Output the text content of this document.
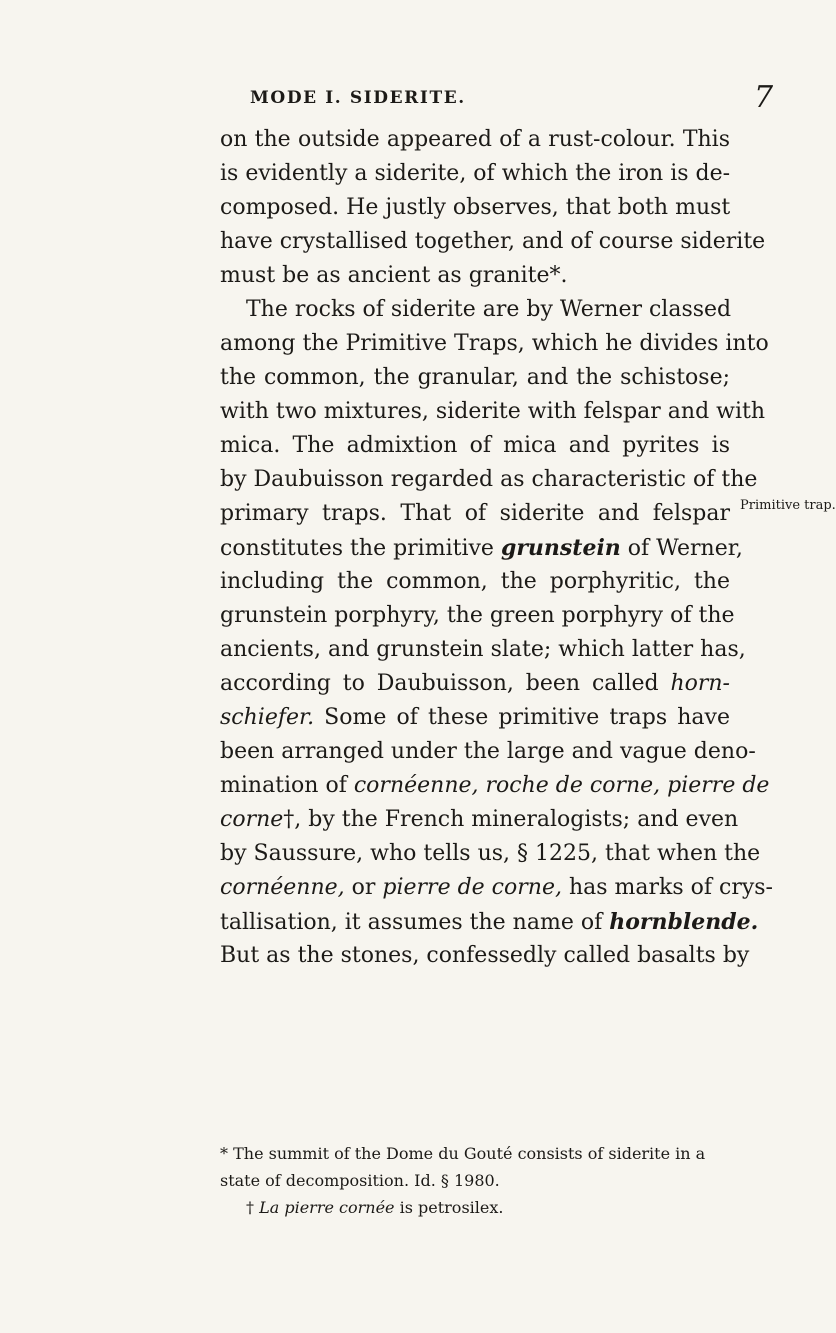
MODE I. SIDERITE.	7
on the outside appeared of a rust-colour. This
is evidently a siderite, of which the iron is de-
composed. He justly observes, that both must
have crystallised together, and of course siderite
must be as ancient as granite*.
The rocks of siderite are by Werner classed
among the Primitive Traps, which he divides into
the common, the granular, and the schistose;
with two mixtures, siderite with felspar and with
mica. The admixtion of mica and pyrites is
by Daubuisson regarded as characteristic of the
primary traps. That of siderite and felspar
constitutes the primitive grunstein of Werner,
including the common, the porphyritic, the
grunstein porphyry, the green porphyry of the
ancients, and grunstein slate; which latter has,
according to Daubuisson, been called horn-
schiefer. Some of these primitive traps have
been arranged under the large and vague deno-
mination of cornéenne, roche de corne, pierre de
corne†, by the French mineralogists; and even
by Saussure, who tells us, § 1225, that when the
cornéenne, or pierre de corne, has marks of crys-
tallisation, it assumes the name of hornblende.
But as the stones, confessedly called basalts by
Primitive trap.
* The summit of the Dome du Gouté consists of siderite in a
state of decomposition. Id. § 1980.
† La pierre cornée is petrosilex.
